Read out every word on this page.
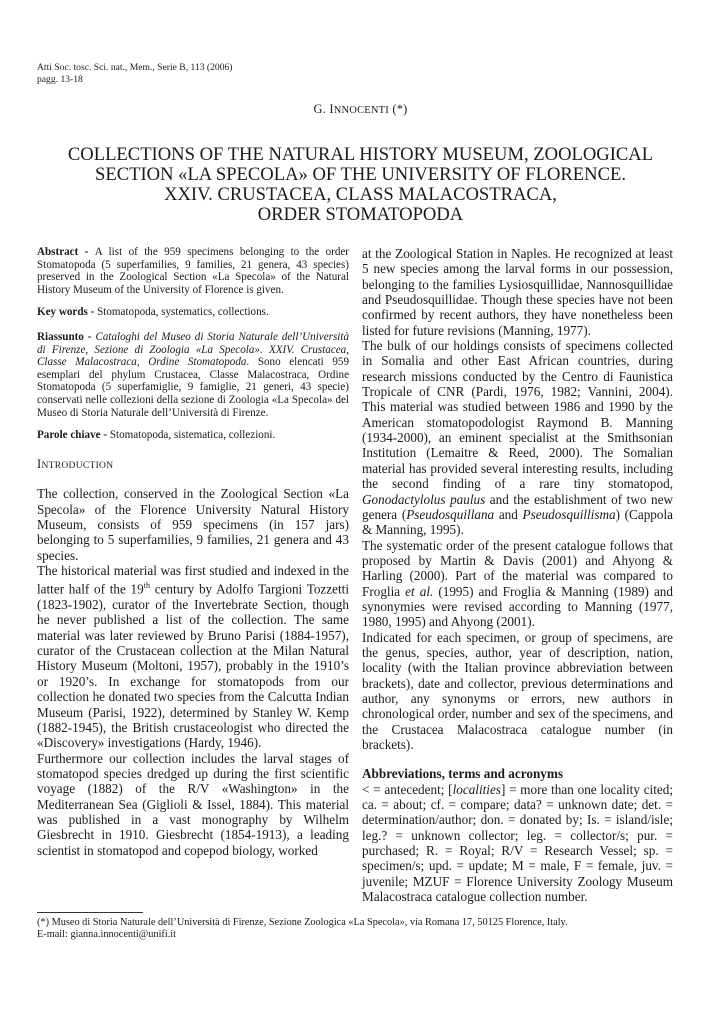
Atti Soc. tosc. Sci. nat., Mem., Serie B, 113 (2006)
pagg. 13-18
G. INNOCENTI (*)
COLLECTIONS OF THE NATURAL HISTORY MUSEUM, ZOOLOGICAL
SECTION «LA SPECOLA» OF THE UNIVERSITY OF FLORENCE.
XXIV. CRUSTACEA, CLASS MALACOSTRACA,
ORDER STOMATOPODA

Abstract - A list of the 959 specimens belonging to the order Stomatopoda (5 superfamilies, 9 families, 21 genera, 43 species) preserved in the Zoological Section «La Specola» of the Natural History Museum of the University of Florence is given.

Key words - Stomatopoda, systematics, collections.

Riassunto - Cataloghi del Museo di Storia Naturale dell’Università di Firenze, Sezione di Zoologia «La Specola». XXIV. Crustacea, Classe Malacostraca, Ordine Stomatopoda. Sono elencati 959 esemplari del phylum Crustacea, Classe Malacostraca, Ordine Stomatopoda (5 superfamiglie, 9 famiglie, 21 generi, 43 specie) conservati nelle collezioni della sezione di Zoologia «La Specola» del Museo di Storia Naturale dell’Università di Firenze.

Parole chiave - Stomatopoda, sistematica, collezioni.

INTRODUCTION

The collection, conserved in the Zoological Section «La Specola» of the Florence University Natural History Museum, consists of 959 specimens (in 157 jars) belonging to 5 superfamilies, 9 families, 21 genera and 43 species.

The historical material was first studied and indexed in the latter half of the 19th century by Adolfo Targioni Tozzetti (1823-1902), curator of the Invertebrate Section, though he never published a list of the collection. The same material was later reviewed by Bruno Parisi (1884-1957), curator of the Crustacean collection at the Milan Natural History Museum (Moltoni, 1957), probably in the 1910’s or 1920’s. In exchange for stomatopods from our collection he donated two species from the Calcutta Indian Museum (Parisi, 1922), determined by Stanley W. Kemp (1882-1945), the British crustaceologist who directed the «Discovery» investigations (Hardy, 1946).

Furthermore our collection includes the larval stages of stomatopod species dredged up during the first scientific voyage (1882) of the R/V «Washington» in the Mediterranean Sea (Giglioli & Issel, 1884). This material was published in a vast monography by Wilhelm Giesbrecht in 1910. Giesbrecht (1854-1913), a leading scientist in stomatopod and copepod biology, worked

at the Zoological Station in Naples. He recognized at least 5 new species among the larval forms in our possession, belonging to the families Lysiosquillidae, Nannosquillidae and Pseudosquillidae. Though these species have not been confirmed by recent authors, they have nonetheless been listed for future revisions (Manning, 1977).

The bulk of our holdings consists of specimens collected in Somalia and other East African countries, during research missions conducted by the Centro di Faunistica Tropicale of CNR (Pardi, 1976, 1982; Vannini, 2004). This material was studied between 1986 and 1990 by the American stomatopodologist Raymond B. Manning (1934-2000), an eminent specialist at the Smithsonian Institution (Lemaitre & Reed, 2000). The Somalian material has provided several interesting results, including the second finding of a rare tiny stomatopod, Gonodactylolus paulus and the establishment of two new genera (Pseudosquillana and Pseudosquillisma) (Cappola & Manning, 1995).

The systematic order of the present catalogue follows that proposed by Martin & Davis (2001) and Ahyong & Harling (2000). Part of the material was compared to Froglia et al. (1995) and Froglia & Manning (1989) and synonymies were revised according to Manning (1977, 1980, 1995) and Ahyong (2001).

Indicated for each specimen, or group of specimens, are the genus, species, author, year of description, nation, locality (with the Italian province abbreviation between brackets), date and collector, previous determinations and author, any synonyms or errors, new authors in chronological order, number and sex of the specimens, and the Crustacea Malacostraca catalogue number (in brackets).

Abbreviations, terms and acronyms

< = antecedent; [localities] = more than one locality cited; ca. = about; cf. = compare; data? = unknown date; det. = determination/author; don. = donated by; Is. = island/isle; leg.? = unknown collector; leg. = collector/s; pur. = purchased; R. = Royal; R/V = Research Vessel; sp. = specimen/s; upd. = update; M = male, F = female, juv. = juvenile; MZUF = Florence University Zoology Museum Malacostraca catalogue collection number.

(*) Museo di Storia Naturale dell’Università di Firenze, Sezione Zoologica «La Specola», via Romana 17, 50125 Florence, Italy.
E-mail: gianna.innocenti@unifi.it
